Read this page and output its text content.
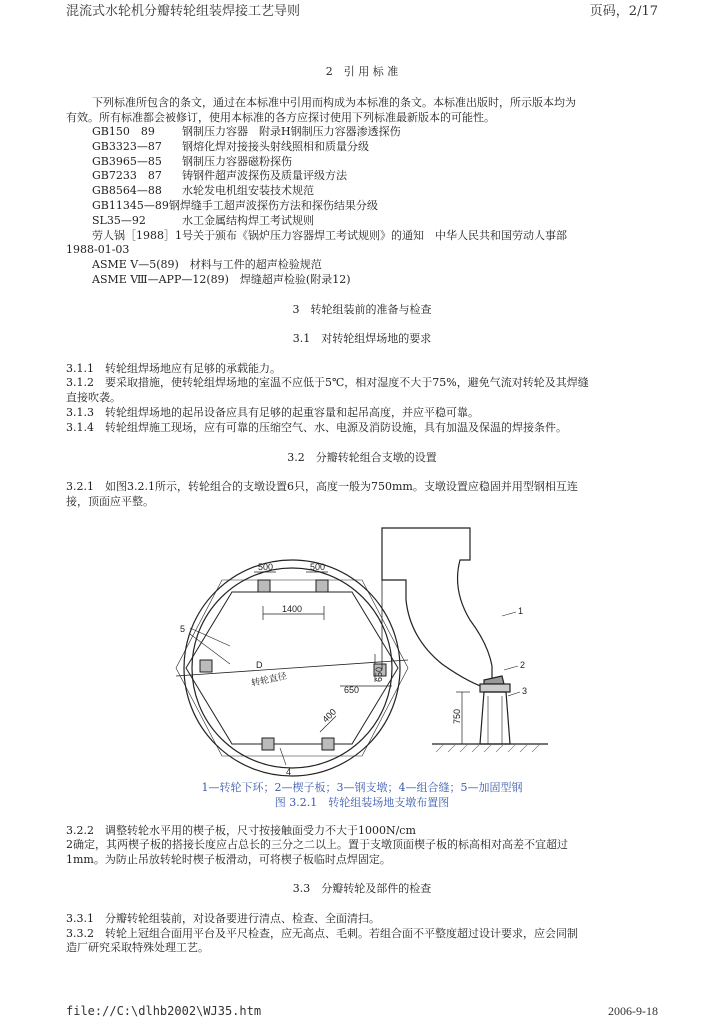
混流式水轮机分瓣转轮组装焊接工艺导则	页码，2/17
2　引 用 标 准
下列标准所包含的条文，通过在本标准中引用而构成为本标准的条文。本标准出版时，所示版本均为
有效。所有标准都会被修订，使用本标准的各方应探讨使用下列标准最新版本的可能性。
GB150　89 钢制压力容器　附录H钢制压力容器渗透探伤
GB3323—87 钢熔化焊对接接头射线照相和质量分级
GB3965—85 钢制压力容器磁粉探伤
GB7233　87 铸钢件超声波探伤及质量评级方法
GB8564—88 水轮发电机组安装技术规范
GB11345—89钢焊缝手工超声波探伤方法和探伤结果分级
SL35—92	水工金属结构焊工考试规则
劳人锅［1988］1号关于颁布《锅炉压力容器焊工考试规则》的通知　中华人民共和国劳动人事部
1988-01-03
ASME Ⅴ—5(89)　材料与工件的超声检验规范
ASME Ⅷ—APP—12(89)　焊缝超声检验(附录12)
3　转轮组装前的准备与检查
3.1　对转轮组焊场地的要求
3.1.1　转轮组焊场地应有足够的承载能力。
3.1.2　要采取措施，使转轮组焊场地的室温不应低于5℃，相对湿度不大于75%，避免气流对转轮及其焊缝
直接吹袭。
3.1.3　转轮组焊场地的起吊设备应具有足够的起重容量和起吊高度，并应平稳可靠。
3.1.4　转轮组焊施工现场，应有可靠的压缩空气、水、电源及消防设施，具有加温及保温的焊接条件。
3.2　分瓣转轮组合支墩的设置
3.2.1　如图3.2.1所示，转轮组合的支墩设置6只，高度一般为750mm。支墩设置应稳固并用型钢相互连
接，顶面应平整。
500	500
1400
650
650
400
D
转轮直径
5
4
1
2
3
750
1—转轮下环；2—楔子板；3—钢支墩；4—组合缝；5—加固型钢
图 3.2.1　转轮组装场地支墩布置图
3.2.2　调整转轮水平用的楔子板，尺寸按接触面受力不大于1000N/cm
2确定，其两楔子板的搭接长度应占总长的三分之二以上。置于支墩顶面楔子板的标高相对高差不宜超过
1mm。为防止吊放转轮时楔子板滑动，可将楔子板临时点焊固定。
3.3　分瓣转轮及部件的检查
3.3.1　分瓣转轮组装前，对设备要进行清点、检查、全面清扫。
3.3.2　转轮上冠组合面用平台及平尺检查，应无高点、毛刺。若组合面不平整度超过设计要求，应会同制
造厂研究采取特殊处理工艺。
file://C:\dlhb2002\WJ35.htm	2006-9-18
